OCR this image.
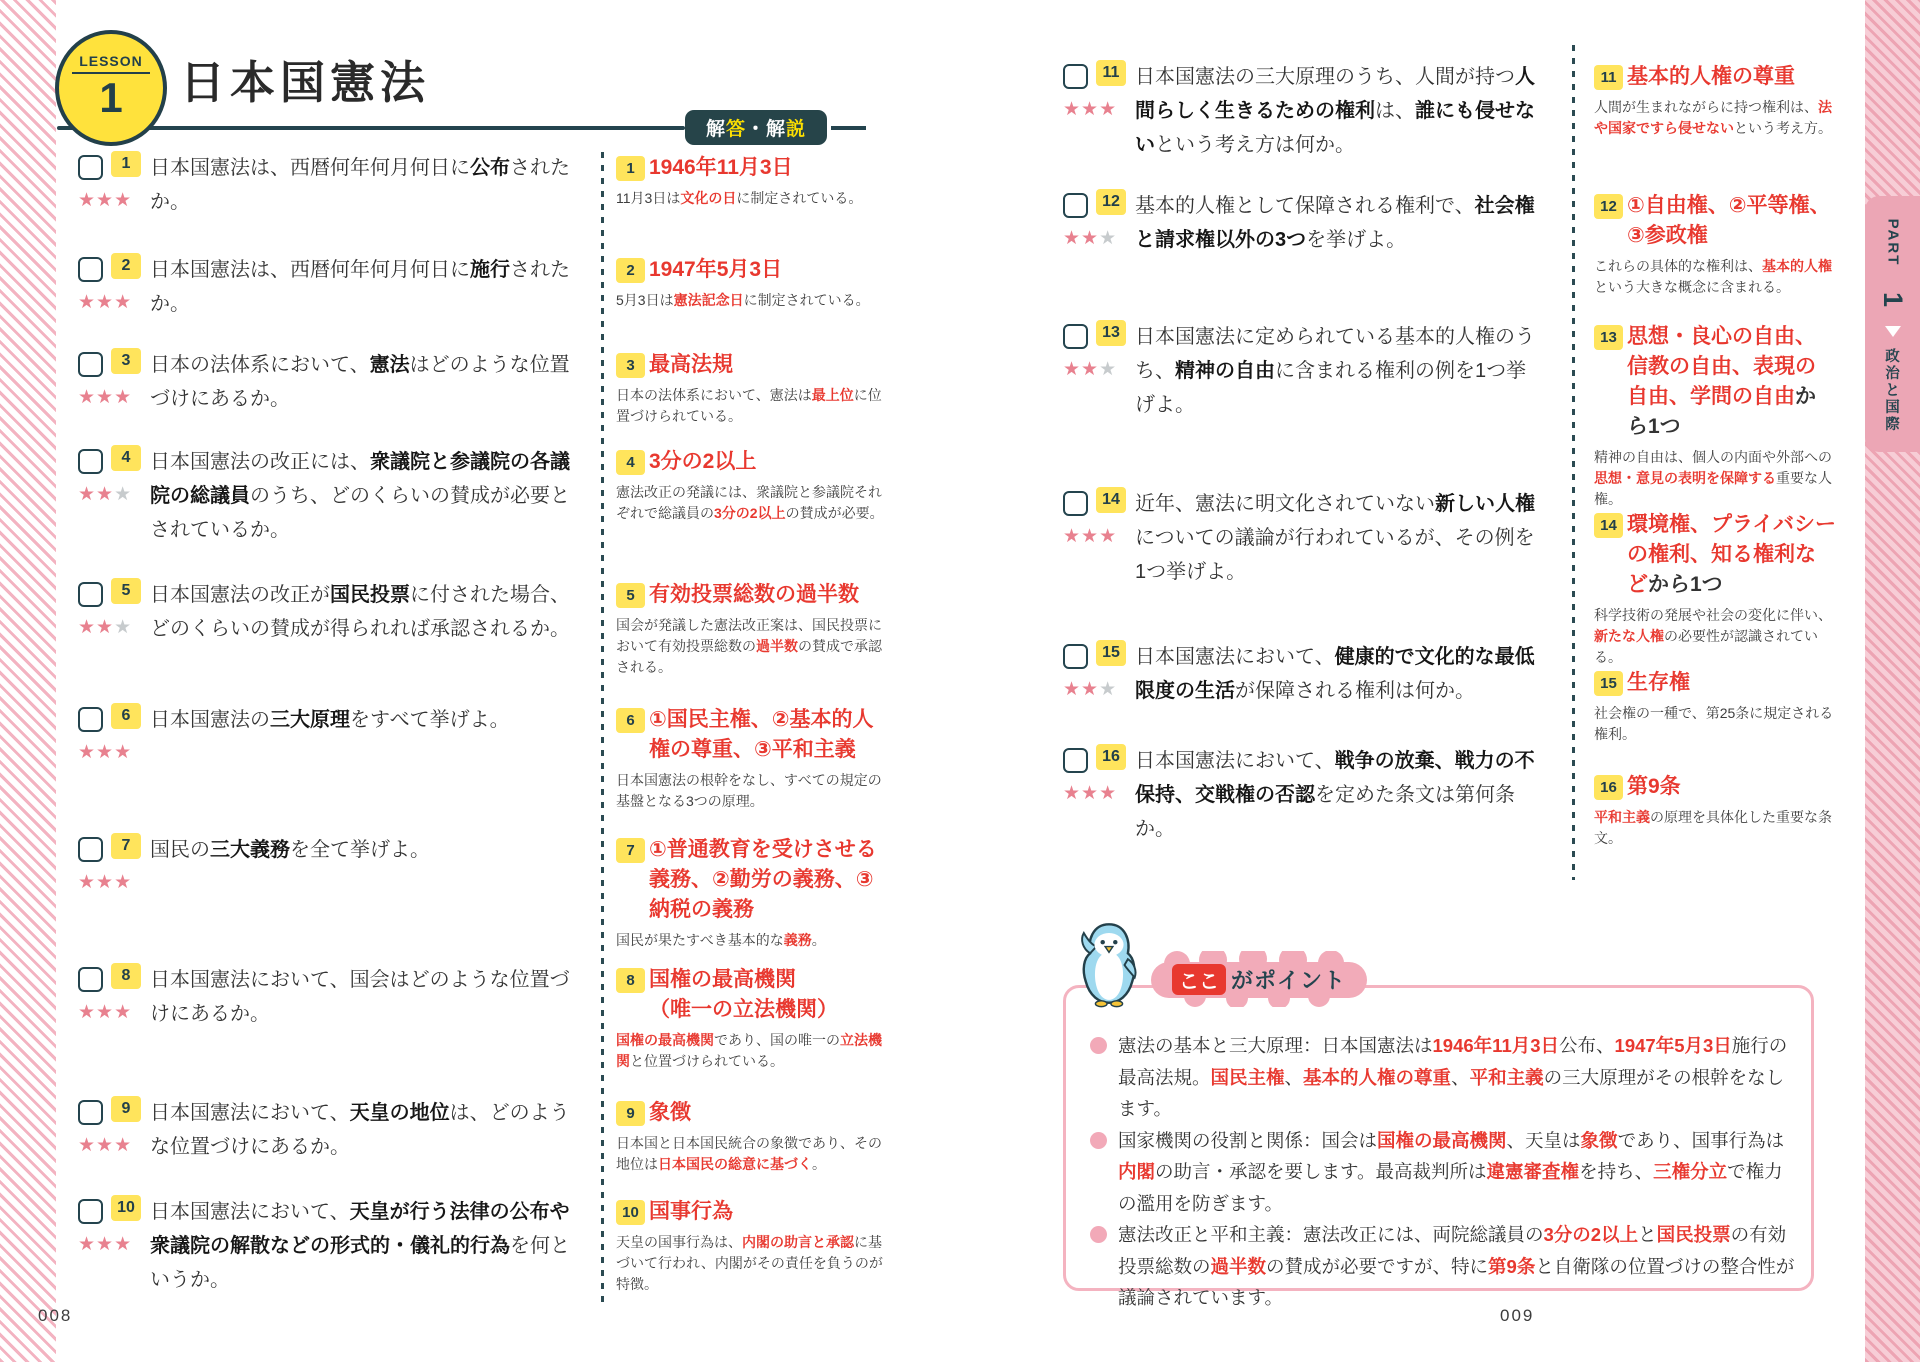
PART
1
政
治
と
国
際
LESSON
1 日本国憲法
解 答 ・ 解 説
1
★★★
日本国憲法は、西暦何年何月何日に公布されたか。
2
★★★
日本国憲法は、西暦何年何月何日に施行されたか。
3
★★★
日本の法体系において、憲法はどのような位置づけにあるか。
4
★★★
日本国憲法の改正には、衆議院と参議院の各議院の総議員のうち、どのくらいの賛成が必要とされているか。
5
★★★
日本国憲法の改正が国民投票に付された場合、どのくらいの賛成が得られれば承認されるか。
6
★★★
日本国憲法の三大原理をすべて挙げよ。
7
★★★
国民の三大義務を全て挙げよ。
8
★★★
日本国憲法において、国会はどのような位置づけにあるか。
9
★★★
日本国憲法において、天皇の地位は、どのような位置づけにあるか。
10
★★★
日本国憲法において、天皇が行う法律の公布や衆議院の解散などの形式的・儀礼的行為を何というか。
1 1946年11月3日
11月3日は文化の日に制定されている。
2 1947年5月3日
5月3日は憲法記念日に制定されている。
3 最高法規
日本の法体系において、憲法は最上位に位置づけられている。
4 3分の2以上
憲法改正の発議には、衆議院と参議院それぞれで総議員の3分の2以上の賛成が必要。
5 有効投票総数の過半数
国会が発議した憲法改正案は、国民投票において有効投票総数の過半数の賛成で承認される。
6 ①国民主権、②基本的人権の尊重、③平和主義
日本国憲法の根幹をなし、すべての規定の基盤となる3つの原理。
7 ①普通教育を受けさせる義務、②勤労の義務、③納税の義務
国民が果たすべき基本的な義務。
8 国権の最高機関
（唯一の立法機関）
国権の最高機関であり、国の唯一の立法機関と位置づけられている。
9 象徴
日本国と日本国民統合の象徴であり、その地位は日本国民の総意に基づく。
10 国事行為
天皇の国事行為は、内閣の助言と承認に基づいて行われ、内閣がその責任を負うのが特徴。
11
★★★
日本国憲法の三大原理のうち、人間が持つ人間らしく生きるための権利は、誰にも侵せないという考え方は何か。
12
★★★
基本的人権として保障される権利で、社会権と請求権以外の3つを挙げよ。
13
★★★
日本国憲法に定められている基本的人権のうち、精神の自由に含まれる権利の例を1つ挙げよ。
14
★★★
近年、憲法に明文化されていない新しい人権についての議論が行われているが、その例を1つ挙げよ。
15
★★★
日本国憲法において、健康的で文化的な最低限度の生活が保障される権利は何か。
16
★★★
日本国憲法において、戦争の放棄、戦力の不保持、交戦権の否認を定めた条文は第何条か。
11 基本的人権の尊重
人間が生まれながらに持つ権利は、法や国家ですら侵せないという考え方。
12 ①自由権、②平等権、③参政権
これらの具体的な権利は、基本的人権という大きな概念に含まれる。
13 思想・良心の自由、信教の自由、表現の自由、学問の自由から1つ
精神の自由は、個人の内面や外部への思想・意見の表明を保障する重要な人権。
14 環境権、プライバシーの権利、知る権利などから1つ
科学技術の発展や社会の変化に伴い、新たな人権の必要性が認識されている。
15 生存権
社会権の一種で、第25条に規定される権利。
16 第9条
平和主義の原理を具体化した重要な条文。
憲法の基本と三大原理：日本国憲法は1946年11月3日公布、1947年5月3日施行の最高法規。国民主権、基本的人権の尊重、平和主義の三大原理がその根幹をなします。
国家機関の役割と関係：国会は国権の最高機関、天皇は象徴であり、国事行為は内閣の助言・承認を要します。最高裁判所は違憲審査権を持ち、三権分立で権力の濫用を防ぎます。
憲法改正と平和主義：憲法改正には、両院総議員の3分の2以上と国民投票の有効投票総数の過半数の賛成が必要ですが、特に第9条と自衛隊の位置づけの整合性が議論されています。
ここ がポイント
008	009
